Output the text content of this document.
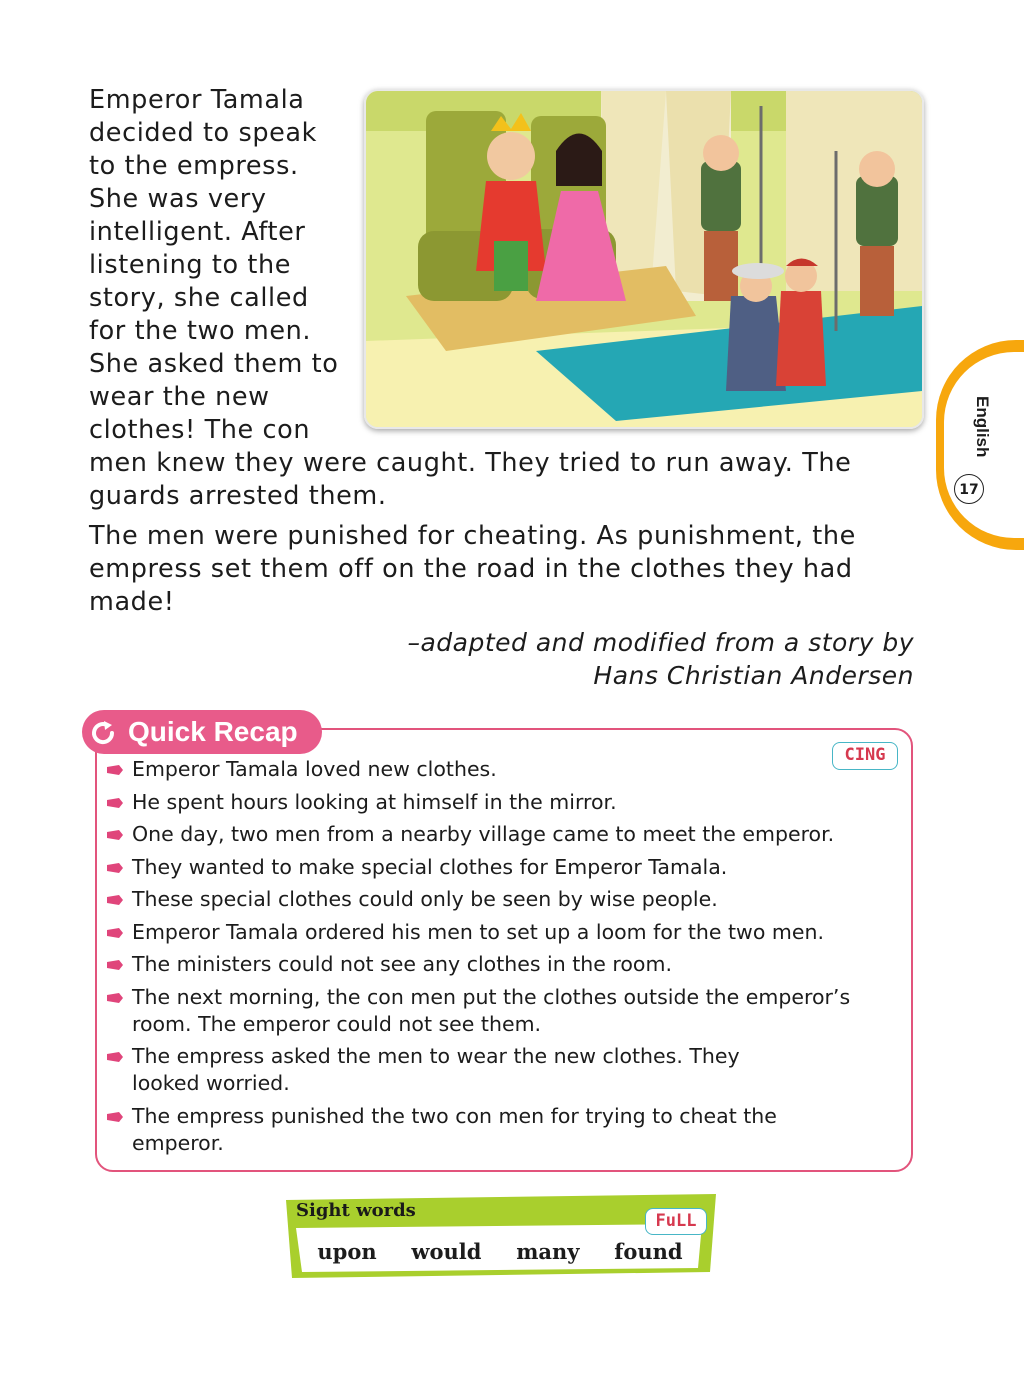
Emperor Tamala decided to speak to the empress. She was very intelligent. After listening to the story, she called for the two men. She asked them to wear the new clothes! The con men knew they were caught. They tried to run away. The guards arrested them.

The men were punished for cheating. As punishment, the empress set them off on the road in the clothes they had made!

–adapted and modified from a story by
Hans Christian Andersen
English
17
Quick Recap
CING
Emperor Tamala loved new clothes.
He spent hours looking at himself in the mirror.
One day, two men from a nearby village came to meet the emperor.
They wanted to make special clothes for Emperor Tamala.
These special clothes could only be seen by wise people.
Emperor Tamala ordered his men to set up a loom for the two men.
The ministers could not see any clothes in the room.
The next morning, the con men put the clothes outside the emperor’s room. The emperor could not see them.
The empress asked the men to wear the new clothes. They looked worried.
The empress punished the two con men for trying to cheat the emperor.
Sight words	FuLL
upon would many found
